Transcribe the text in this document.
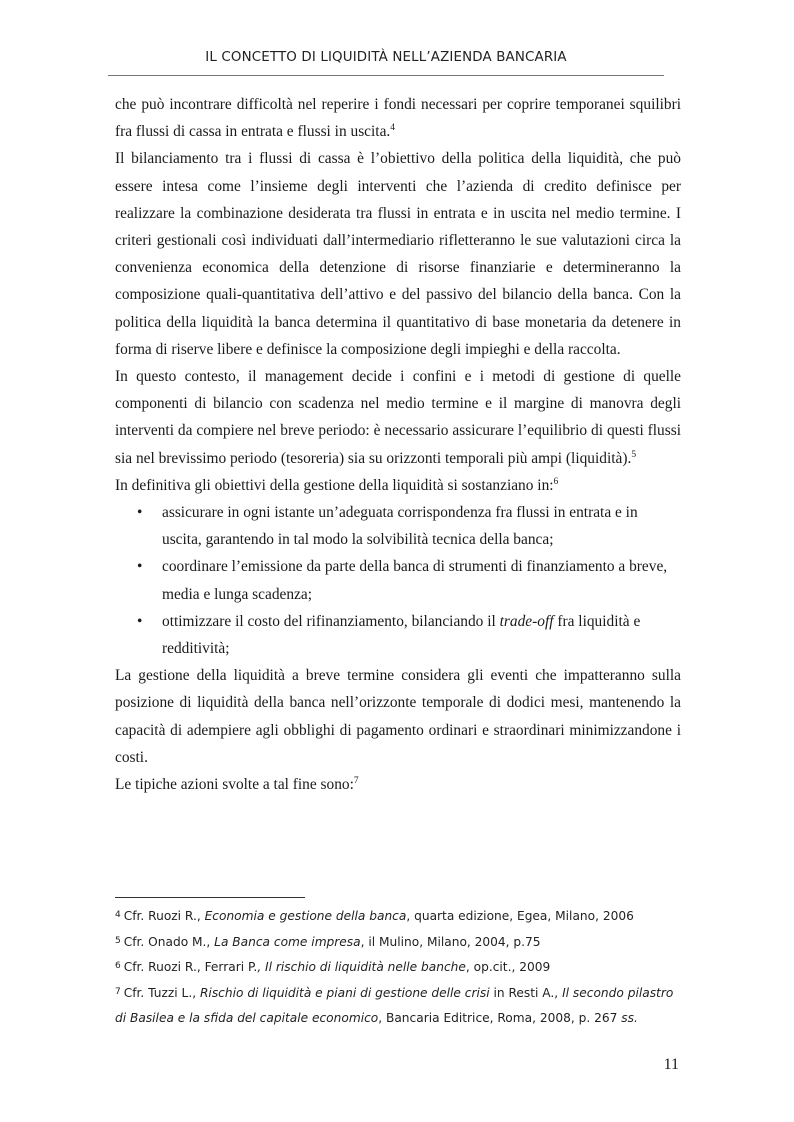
IL CONCETTO DI LIQUIDITÀ NELL’AZIENDA BANCARIA

che può incontrare difficoltà nel reperire i fondi necessari per coprire temporanei squilibri fra flussi di cassa in entrata e flussi in uscita.$^4$

Il bilanciamento tra i flussi di cassa è l’obiettivo della politica della liquidità, che può essere intesa come l’insieme degli interventi che l’azienda di credito definisce per realizzare la combinazione desiderata tra flussi in entrata e in uscita nel medio termine. I criteri gestionali così individuati dall’intermediario rifletteranno le sue valutazioni circa la convenienza economica della detenzione di risorse finanziarie e determineranno la composizione quali-quantitativa dell’attivo e del passivo del bilancio della banca. Con la politica della liquidità la banca determina il quantitativo di base monetaria da detenere in forma di riserve libere e definisce la composizione degli impieghi e della raccolta.

In questo contesto, il management decide i confini e i metodi di gestione di quelle componenti di bilancio con scadenza nel medio termine e il margine di manovra degli interventi da compiere nel breve periodo: è necessario assicurare l’equilibrio di questi flussi sia nel brevissimo periodo (tesoreria) sia su orizzonti temporali più ampi (liquidità).$^5$

In definitiva gli obiettivi della gestione della liquidità si sostanziano in:$^6$

• assicurare in ogni istante un’adeguata corrispondenza fra flussi in entrata e in
uscita, garantendo in tal modo la solvibilità tecnica della banca;
• coordinare l’emissione da parte della banca di strumenti di finanziamento a breve,
media e lunga scadenza;
• ottimizzare il costo del rifinanziamento, bilanciando il trade-off fra liquidità e
redditività;

La gestione della liquidità a breve termine considera gli eventi che impatteranno sulla posizione di liquidità della banca nell’orizzonte temporale di dodici mesi, mantenendo la capacità di adempiere agli obblighi di pagamento ordinari e straordinari minimizzandone i costi.

Le tipiche azioni svolte a tal fine sono:$^7$

$^4$ Cfr. Ruozi R., Economia e gestione della banca, quarta edizione, Egea, Milano, 2006

$^5$ Cfr. Onado M., La Banca come impresa, il Mulino, Milano, 2004, p.75

$^6$ Cfr. Ruozi R., Ferrari P., Il rischio di liquidità nelle banche, op.cit., 2009

$^7$ Cfr. Tuzzi L., Rischio di liquidità e piani di gestione delle crisi in Resti A., Il secondo pilastro di Basilea e la sfida del capitale economico, Bancaria Editrice, Roma, 2008, p. 267 ss.

11
